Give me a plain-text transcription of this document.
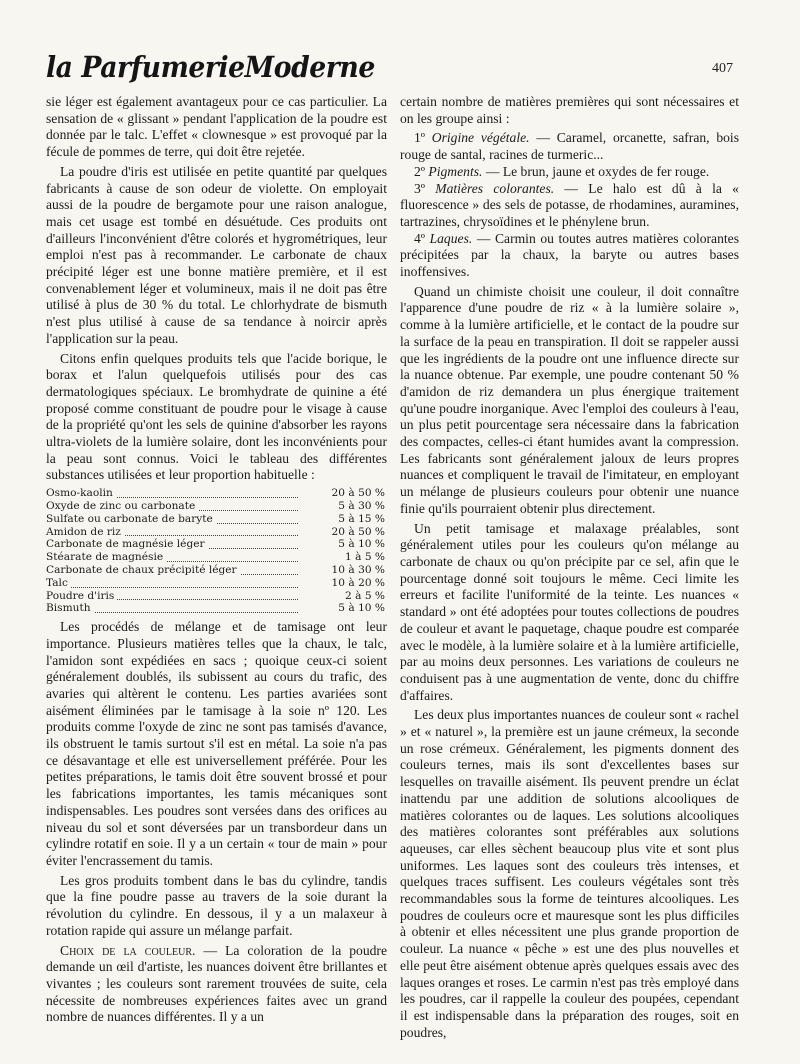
la ParfumerieModerne	407

sie léger est également avantageux pour ce cas particulier. La sensation de « glissant » pendant l'application de la poudre est donnée par le talc. L'effet « clownesque » est provoqué par la fécule de pommes de terre, qui doit être rejetée.

La poudre d'iris est utilisée en petite quantité par quelques fabricants à cause de son odeur de violette. On employait aussi de la poudre de bergamote pour une raison analogue, mais cet usage est tombé en désuétude. Ces produits ont d'ailleurs l'inconvénient d'être colorés et hygrométriques, leur emploi n'est pas à recommander. Le carbonate de chaux précipité léger est une bonne matière première, et il est convenablement léger et volumineux, mais il ne doit pas être utilisé à plus de 30 % du total. Le chlorhydrate de bismuth n'est plus utilisé à cause de sa tendance à noircir après l'application sur la peau.

Citons enfin quelques produits tels que l'acide borique, le borax et l'alun quelquefois utilisés pour des cas dermatologiques spéciaux. Le bromhydrate de quinine a été proposé comme constituant de poudre pour le visage à cause de la propriété qu'ont les sels de quinine d'absorber les rayons ultra-violets de la lumière solaire, dont les inconvénients pour la peau sont connus. Voici le tableau des différentes substances utilisées et leur proportion habituelle :

Osmo-kaolin	20 à 50 %
Oxyde de zinc ou carbonate	5 à 30 %
Sulfate ou carbonate de baryte	5 à 15 %
Amidon de riz	20 à 50 %
Carbonate de magnésie léger	5 à 10 %
Stéarate de magnésie	1 à 5 %
Carbonate de chaux précipité léger	10 à 30 %
Talc	10 à 20 %
Poudre d'iris	2 à 5 %
Bismuth	5 à 10 %

Les procédés de mélange et de tamisage ont leur importance. Plusieurs matières telles que la chaux, le talc, l'amidon sont expédiées en sacs ; quoique ceux-ci soient généralement doublés, ils subissent au cours du trafic, des avaries qui altèrent le contenu. Les parties avariées sont aisément éliminées par le tamisage à la soie nº 120. Les produits comme l'oxyde de zinc ne sont pas tamisés d'avance, ils obstruent le tamis surtout s'il est en métal. La soie n'a pas ce désavantage et elle est universellement préférée. Pour les petites préparations, le tamis doit être souvent brossé et pour les fabrications importantes, les tamis mécaniques sont indispensables. Les poudres sont versées dans des orifices au niveau du sol et sont déversées par un transbordeur dans un cylindre rotatif en soie. Il y a un certain « tour de main » pour éviter l'encrassement du tamis.

Les gros produits tombent dans le bas du cylindre, tandis que la fine poudre passe au travers de la soie durant la révolution du cylindre. En dessous, il y a un malaxeur à rotation rapide qui assure un mélange parfait.

Choix de la couleur. — La coloration de la poudre demande un œil d'artiste, les nuances doivent être brillantes et vivantes ; les couleurs sont rarement trouvées de suite, cela nécessite de nombreuses expériences faites avec un grand nombre de nuances différentes. Il y a un

certain nombre de matières premières qui sont nécessaires et on les groupe ainsi :

1º Origine végétale. — Caramel, orcanette, safran, bois rouge de santal, racines de turmeric...

2º Pigments. — Le brun, jaune et oxydes de fer rouge.

3º Matières colorantes. — Le halo est dû à la « fluorescence » des sels de potasse, de rhodamines, auramines, tartrazines, chrysoïdines et le phénylene brun.

4º Laques. — Carmin ou toutes autres matières colorantes précipitées par la chaux, la baryte ou autres bases inoffensives.

Quand un chimiste choisit une couleur, il doit connaître l'apparence d'une poudre de riz « à la lumière solaire », comme à la lumière artificielle, et le contact de la poudre sur la surface de la peau en transpiration. Il doit se rappeler aussi que les ingrédients de la poudre ont une influence directe sur la nuance obtenue. Par exemple, une poudre contenant 50 % d'amidon de riz demandera un plus énergique traitement qu'une poudre inorganique. Avec l'emploi des couleurs à l'eau, un plus petit pourcentage sera nécessaire dans la fabrication des compactes, celles-ci étant humides avant la compression. Les fabricants sont généralement jaloux de leurs propres nuances et compliquent le travail de l'imitateur, en employant un mélange de plusieurs couleurs pour obtenir une nuance finie qu'ils pourraient obtenir plus directement.

Un petit tamisage et malaxage préalables, sont généralement utiles pour les couleurs qu'on mélange au carbonate de chaux ou qu'on précipite par ce sel, afin que le pourcentage donné soit toujours le même. Ceci limite les erreurs et facilite l'uniformité de la teinte. Les nuances « standard » ont été adoptées pour toutes collections de poudres de couleur et avant le paquetage, chaque poudre est comparée avec le modèle, à la lumière solaire et à la lumière artificielle, par au moins deux personnes. Les variations de couleurs ne conduisent pas à une augmentation de vente, donc du chiffre d'affaires.

Les deux plus importantes nuances de couleur sont « rachel » et « naturel », la première est un jaune crémeux, la seconde un rose crémeux. Généralement, les pigments donnent des couleurs ternes, mais ils sont d'excellentes bases sur lesquelles on travaille aisément. Ils peuvent prendre un éclat inattendu par une addition de solutions alcooliques de matières colorantes ou de laques. Les solutions alcooliques des matières colorantes sont préférables aux solutions aqueuses, car elles sèchent beaucoup plus vite et sont plus uniformes. Les laques sont des couleurs très intenses, et quelques traces suffisent. Les couleurs végétales sont très recommandables sous la forme de teintures alcooliques. Les poudres de couleurs ocre et mauresque sont les plus difficiles à obtenir et elles nécessitent une plus grande proportion de couleur. La nuance « pêche » est une des plus nouvelles et elle peut être aisément obtenue après quelques essais avec des laques oranges et roses. Le carmin n'est pas très employé dans les poudres, car il rappelle la couleur des poupées, cependant il est indispensable dans la préparation des rouges, soit en poudres,
